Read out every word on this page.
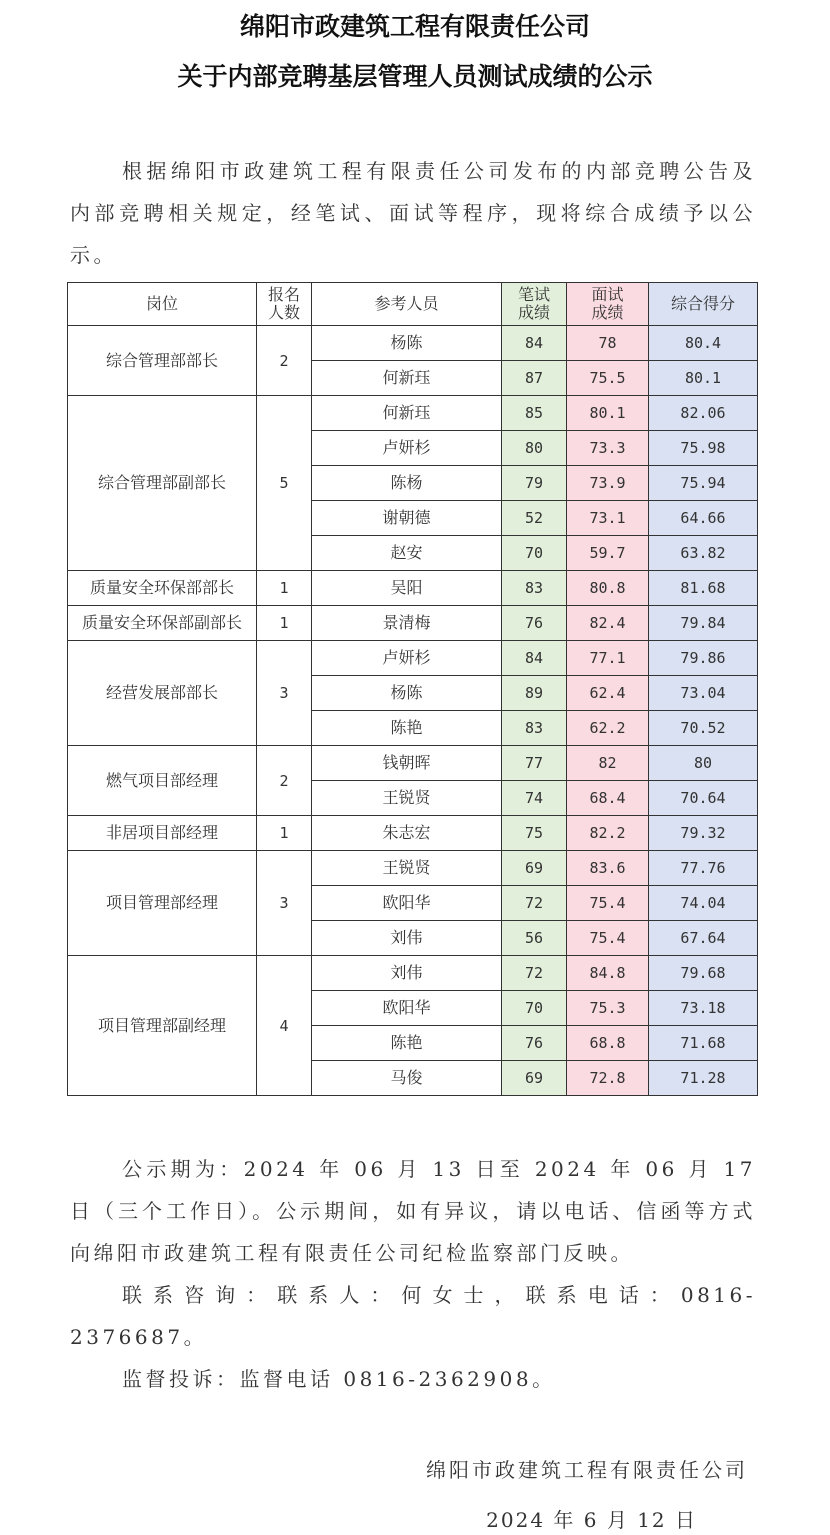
绵阳市政建筑工程有限责任公司
关于内部竞聘基层管理人员测试成绩的公示

根据绵阳市政建筑工程有限责任公司发布的内部竞聘公告及内部竞聘相关规定，经笔试、面试等程序，现将综合成绩予以公示。

岗位	报名人数	参考人员	笔试成绩	面试成绩	综合得分
综合管理部部长	2	杨陈	84	78	80.4
		何新珏	87	75.5	80.1
综合管理部副部长	5	何新珏	85	80.1	82.06
		卢妍杉	80	73.3	75.98
		陈杨	79	73.9	75.94
		谢朝德	52	73.1	64.66
		赵安	70	59.7	63.82
质量安全环保部部长	1	吴阳	83	80.8	81.68
质量安全环保部副部长	1	景清梅	76	82.4	79.84
经营发展部部长	3	卢妍杉	84	77.1	79.86
		杨陈	89	62.4	73.04
		陈艳	83	62.2	70.52
燃气项目部经理	2	钱朝晖	77	82	80
		王锐贤	74	68.4	70.64
非居项目部经理	1	朱志宏	75	82.2	79.32
项目管理部经理	3	王锐贤	69	83.6	77.76
		欧阳华	72	75.4	74.04
		刘伟	56	75.4	67.64
项目管理部副经理	4	刘伟	72	84.8	79.68
		欧阳华	70	75.3	73.18
		陈艳	76	68.8	71.68
		马俊	69	72.8	71.28

公示期为：2024 年 06 月 13 日至 2024 年 06 月 17 日（三个工作日）。公示期间，如有异议，请以电话、信函等方式向绵阳市政建筑工程有限责任公司纪检监察部门反映。

联系咨询：联系人：何女士，联系电话：0816-2376687。

监督投诉：监督电话 0816-2362908。

绵阳市政建筑工程有限责任公司
2024 年 6 月 12 日
